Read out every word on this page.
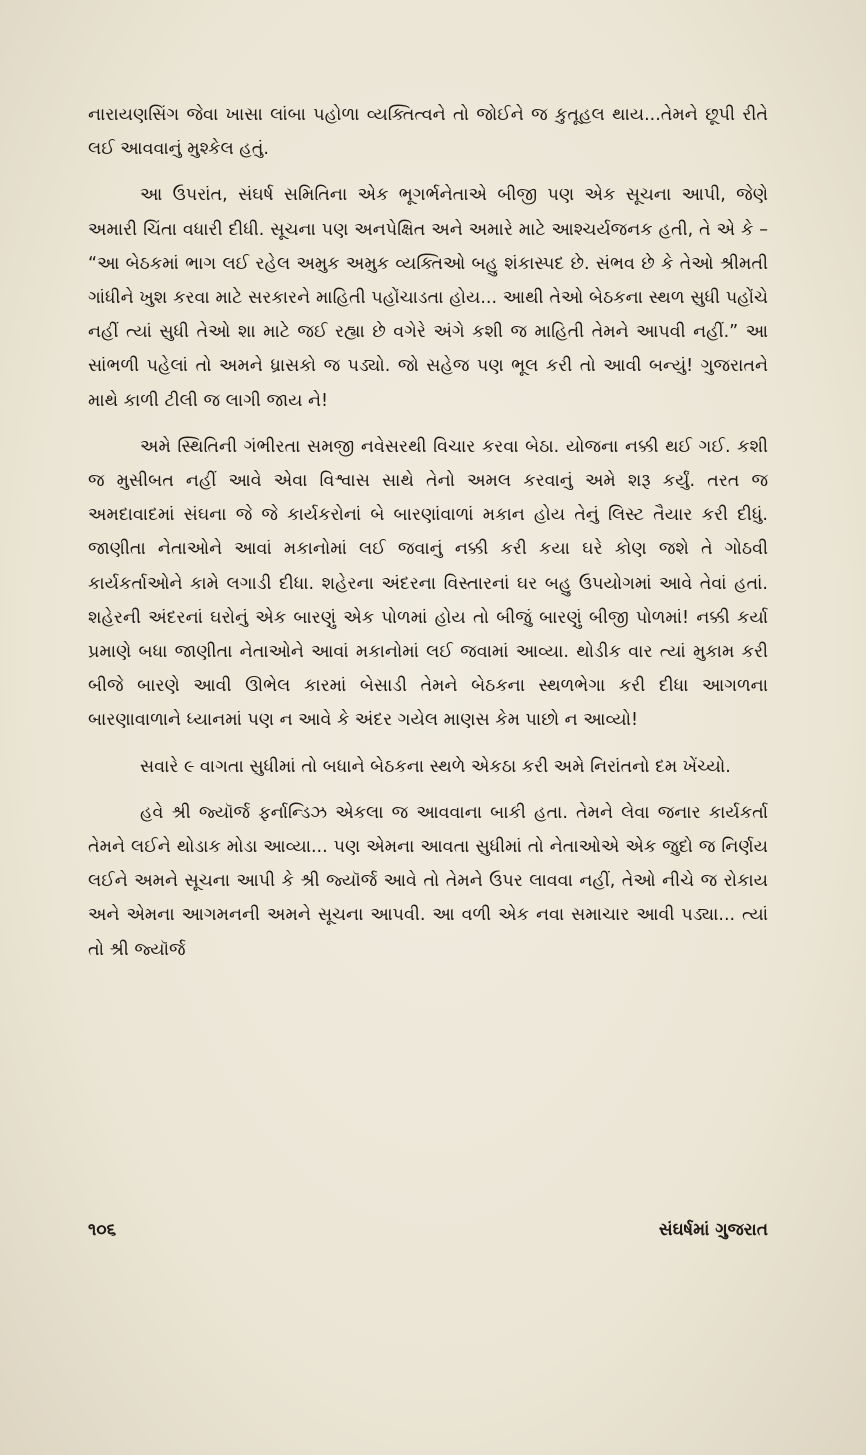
નારાયણસિંગ જેવા ખાસા લાંબા પહોળા વ્યક્તિત્વને તો જોઈને જ કુતૂહલ થાય...તેમને છૂપી રીતે લઈ આવવાનું મુશ્કેલ હતું.

આ ઉપરાંત, સંઘર્ષ સમિતિના એક ભૂગર્ભનેતાએ બીજી પણ એક સૂચના આપી, જેણે અમારી ચિંતા વધારી દીધી. સૂચના પણ અનપેક્ષિત અને અમારે માટે આશ્ચર્યજનક હતી, તે એ કે – “આ બેઠકમાં ભાગ લઈ રહેલ અમુક અમુક વ્યક્તિઓ બહુ શંકાસ્પદ છે. સંભવ છે કે તેઓ શ્રીમતી ગાંધીને ખુશ કરવા માટે સરકારને માહિતી પહોંચાડતા હોય... આથી તેઓ બેઠકના સ્થળ સુધી પહોંચે નહીં ત્યાં સુધી તેઓ શા માટે જઈ રહ્યા છે વગેરે અંગે કશી જ માહિતી તેમને આપવી નહીં.” આ સાંભળી પહેલાં તો અમને ધ્રાસકો જ પડ્યો. જો સહેજ પણ ભૂલ કરી તો આવી બન્યું! ગુજરાતને માથે કાળી ટીલી જ લાગી જાય ને!

અમે સ્થિતિની ગંભીરતા સમજી નવેસરથી વિચાર કરવા બેઠા. યોજના નક્કી થઈ ગઈ. કશી જ મુસીબત નહીં આવે એવા વિશ્વાસ સાથે તેનો અમલ કરવાનું અમે શરૂ કર્યું. તરત જ અમદાવાદમાં સંઘના જે જે કાર્યકરોનાં બે બારણાંવાળાં મકાન હોય તેનું લિસ્ટ તૈયાર કરી દીધું. જાણીતા નેતાઓને આવાં મકાનોમાં લઈ જવાનું નક્કી કરી કયા ઘરે કોણ જશે તે ગોઠવી કાર્યકર્તાઓને કામે લગાડી દીધા. શહેરના અંદરના વિસ્તારનાં ઘર બહુ ઉપયોગમાં આવે તેવાં હતાં. શહેરની અંદરનાં ઘરોનું એક બારણું એક પોળમાં હોય તો બીજું બારણું બીજી પોળમાં! નક્કી કર્યા પ્રમાણે બધા જાણીતા નેતાઓને આવાં મકાનોમાં લઈ જવામાં આવ્યા. થોડીક વાર ત્યાં મુકામ કરી બીજે બારણે આવી ઊભેલ કારમાં બેસાડી તેમને બેઠકના સ્થળભેગા કરી દીધા આગળના બારણાવાળાને ધ્યાનમાં પણ ન આવે કે અંદર ગયેલ માણસ કેમ પાછો ન આવ્યો!

સવારે ૯ વાગતા સુધીમાં તો બધાને બેઠકના સ્થળે એકઠા કરી અમે નિરાંતનો દમ ખેંચ્યો.

હવે શ્રી જ્યૉર્જ ફર્નાન્ડિઝ એકલા જ આવવાના બાકી હતા. તેમને લેવા જનાર કાર્યકર્તા તેમને લઈને થોડાક મોડા આવ્યા... પણ એમના આવતા સુધીમાં તો નેતાઓએ એક જુદો જ નિર્ણય લઈને અમને સૂચના આપી કે શ્રી જ્યૉર્જ આવે તો તેમને ઉપર લાવવા નહીં, તેઓ નીચે જ રોકાય અને એમના આગમનની અમને સૂચના આપવી. આ વળી એક નવા સમાચાર આવી પડ્યા... ત્યાં તો શ્રી જ્યૉર્જ

૧૦૬	સંઘર્ષમાં ગુજરાત
